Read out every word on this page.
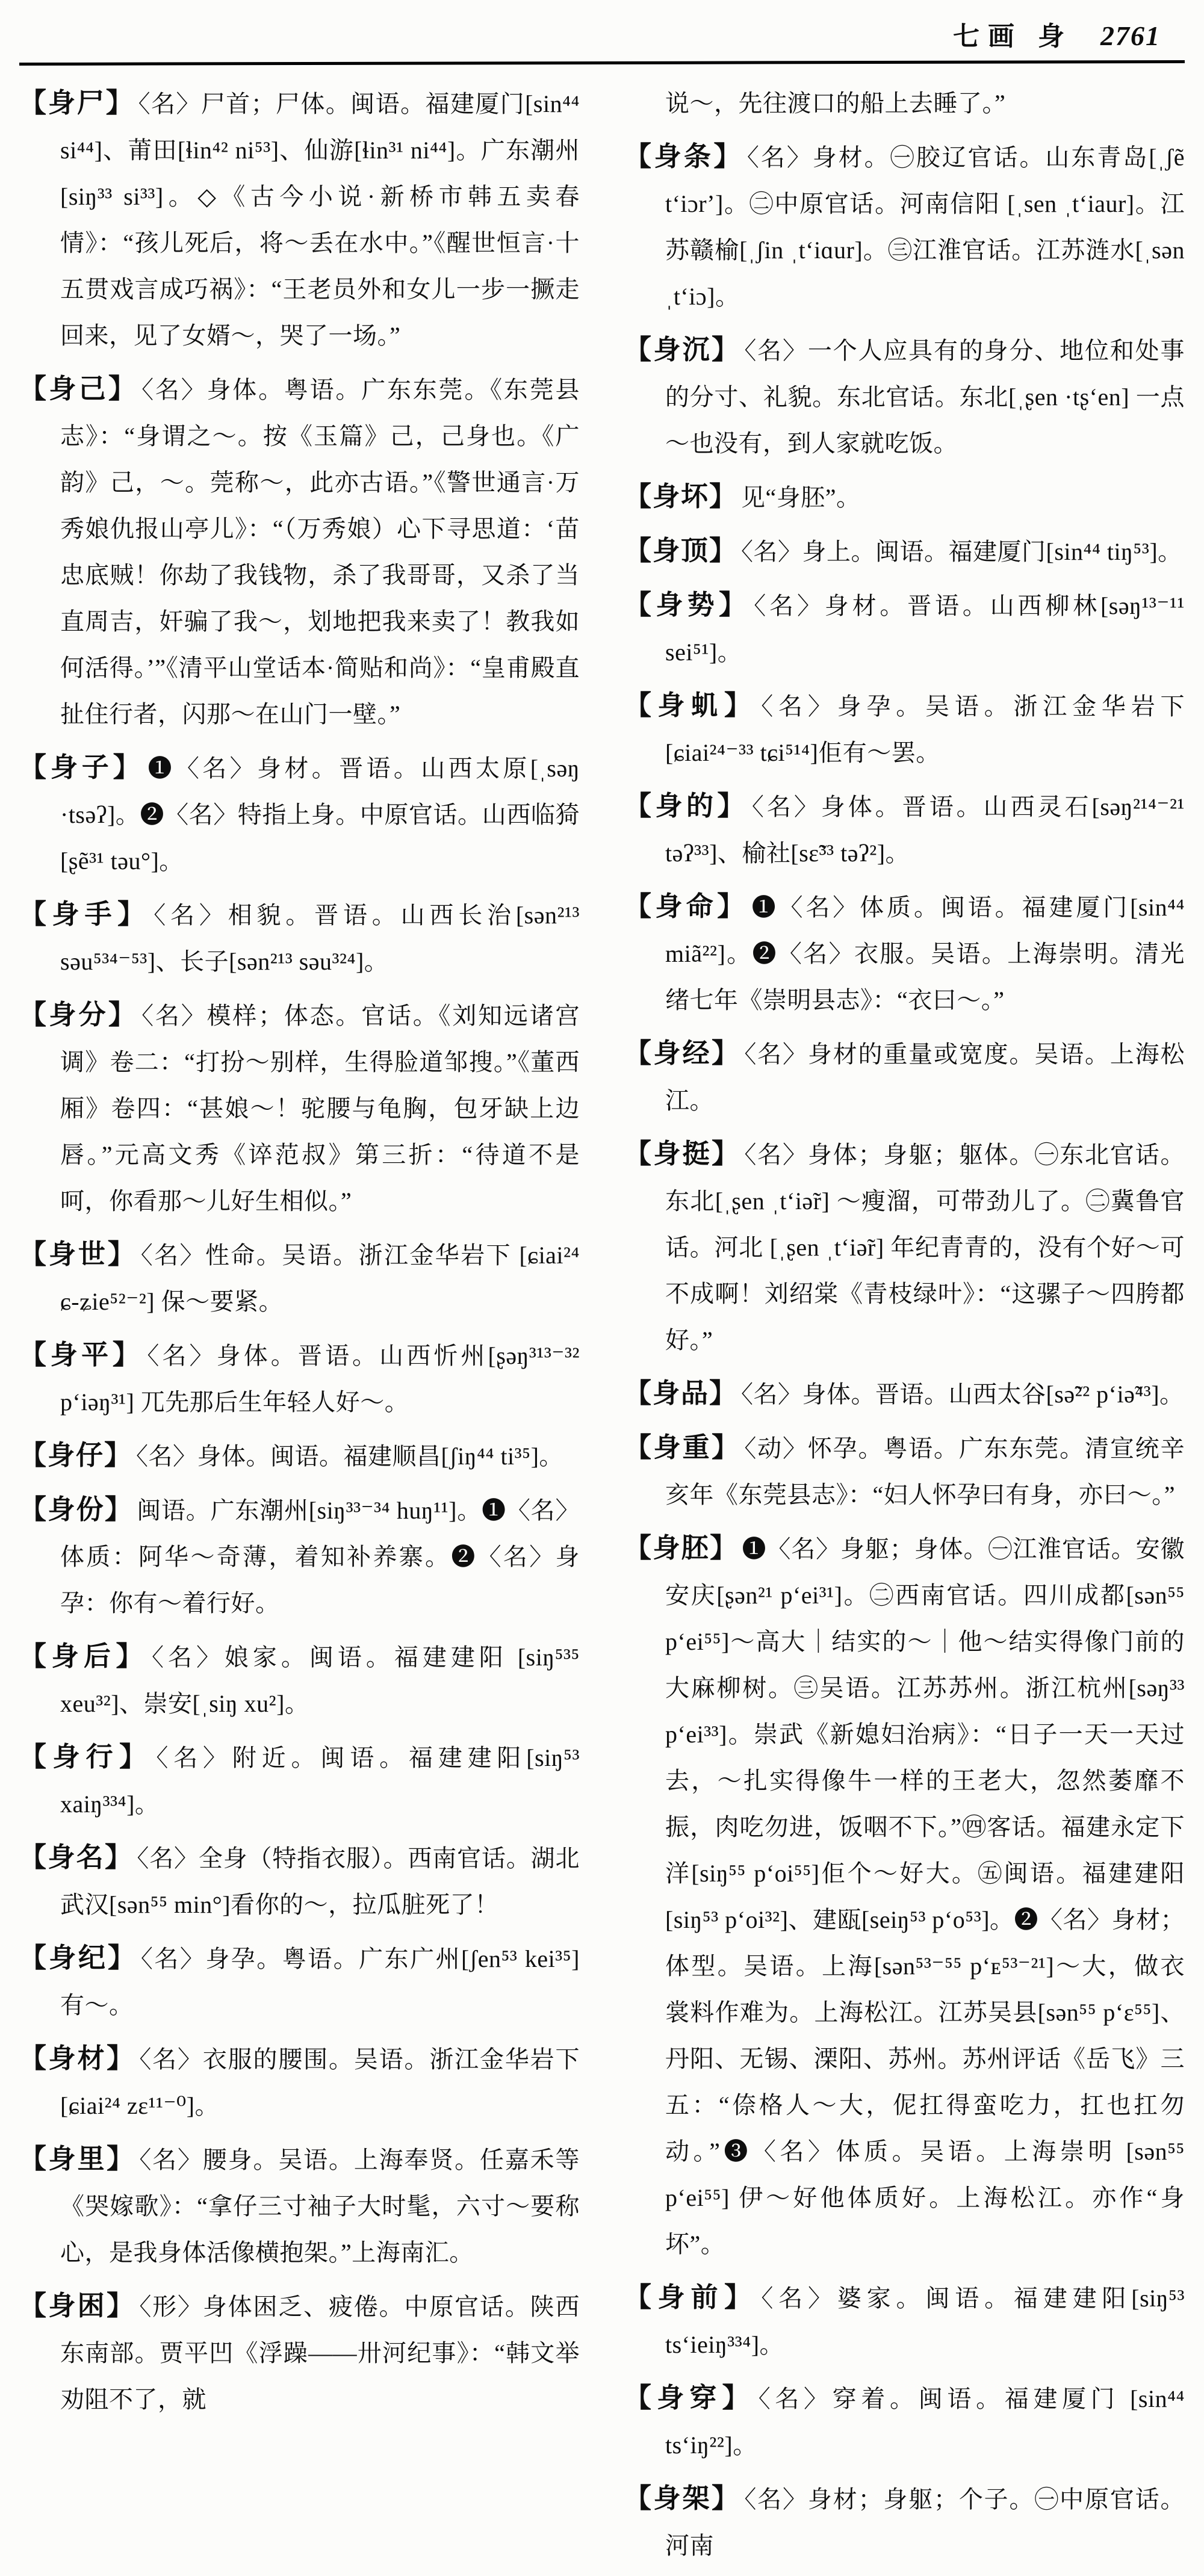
七画 身 2761
【身尸】 〈名〉尸首；尸体。闽语。福建厦门[sin⁴⁴ si⁴⁴]、莆田[ɬin⁴² ni⁵³]、仙游[ɬin³¹ ni⁴⁴]。广东潮州[siŋ³³ si³³]。◇《古今小说·新桥市韩五卖春情》：“孩儿死后，将～丢在水中。”《醒世恒言·十五贯戏言成巧祸》：“王老员外和女儿一步一撅走回来，见了女婿～，哭了一场。”
【身己】 〈名〉身体。粤语。广东东莞。《东莞县志》：“身谓之～。按《玉篇》己，己身也。《广韵》己，～。莞称～，此亦古语。”《警世通言·万秀娘仇报山亭儿》：“（万秀娘）心下寻思道：‘苗忠底贼！你劫了我钱物，杀了我哥哥，又杀了当直周吉，奸骗了我～，划地把我来卖了！教我如何活得。’”《清平山堂话本·简贴和尚》：“皇甫殿直扯住行者，闪那～在山门一壁。”
【身子】 ❶〈名〉身材。晋语。山西太原[ˌsəŋ ·tsəʔ]。❷〈名〉特指上身。中原官话。山西临猗[ʂẽ³¹ təu°]。
【身手】 〈名〉相貌。晋语。山西长治[sən²¹³ səu⁵³⁴⁻⁵³]、长子[sən²¹³ səu³²⁴]。
【身分】 〈名〉模样；体态。官话。《刘知远诸宫调》卷二：“打扮～别样，生得脸道邹搜。”《董西厢》卷四：“甚娘～！驼腰与龟胸，包牙缺上边唇。”元高文秀《谇范叔》第三折：“待道不是呵，你看那～儿好生相似。”
【身世】 〈名〉性命。吴语。浙江金华岩下 [ɕiai²⁴ ɕ-ʑie⁵²⁻²] 保～要紧。
【身平】 〈名〉身体。晋语。山西忻州[ʂəŋ³¹³⁻³² pʻiəŋ³¹] 兀先那后生年轻人好～。
【身仔】 〈名〉身体。闽语。福建顺昌[ʃiŋ⁴⁴ ti³⁵]。
【身份】 闽语。广东潮州[siŋ³³⁻³⁴ huŋ¹¹]。❶〈名〉体质：阿华～奇薄，着知补养寨。❷〈名〉身孕：你有～着行好。
【身后】 〈名〉娘家。闽语。福建建阳 [siŋ⁵³⁵ xeu³²]、崇安[ˌsiŋ xu²]。
【身行】 〈名〉附近。闽语。福建建阳[siŋ⁵³ xaiŋ³³⁴]。
【身名】 〈名〉全身（特指衣服）。西南官话。湖北武汉[sən⁵⁵ min°]看你的～，拉瓜脏死了！
【身纪】 〈名〉身孕。粤语。广东广州[ʃen⁵³ kei³⁵]有～。
【身材】 〈名〉衣服的腰围。吴语。浙江金华岩下[ɕiai²⁴ zɛ¹¹⁻⁰]。
【身里】 〈名〉腰身。吴语。上海奉贤。任嘉禾等《哭嫁歌》：“拿仔三寸袖子大时髦，六寸～要称心，是我身体活像横抱架。”上海南汇。
【身困】 〈形〉身体困乏、疲倦。中原官话。陕西东南部。贾平凹《浮躁——卅河纪事》：“韩文举劝阻不了，就
说～，先往渡口的船上去睡了。”
【身条】 〈名〉身材。㊀胶辽官话。山东青岛[ˌʃẽ tʻiɔrʼ]。㊁中原官话。河南信阳 [ˌsen ˌtʻiaur]。江苏赣榆[ˌʃin ˌtʻiɑur]。㊂江淮官话。江苏涟水[ˌsən ˌtʻiɔ]。
【身沉】 〈名〉一个人应具有的身分、地位和处事的分寸、礼貌。东北官话。东北[ˌʂen ·tʂʻen] 一点～也没有，到人家就吃饭。
【身坏】 见“身胚”。
【身顶】 〈名〉身上。闽语。福建厦门[sin⁴⁴ tiŋ⁵³]。
【身势】 〈名〉身材。晋语。山西柳林[səŋ¹³⁻¹¹ sei⁵¹]。
【身虮】 〈名〉身孕。吴语。浙江金华岩下 [ɕiai²⁴⁻³³ tɕi⁵¹⁴]佢有～罢。
【身的】 〈名〉身体。晋语。山西灵石[səŋ²¹⁴⁻²¹ təʔ³³]、榆社[sɛ̃³³ təʔ²]。
【身命】 ❶〈名〉体质。闽语。福建厦门[sin⁴⁴ miã²²]。❷〈名〉衣服。吴语。上海崇明。清光绪七年《崇明县志》：“衣曰～。”
【身经】 〈名〉身材的重量或宽度。吴语。上海松江。
【身挺】 〈名〉身体；身躯；躯体。㊀东北官话。东北[ˌʂen ˌtʻiə̃r] ～瘦溜，可带劲儿了。㊁冀鲁官话。河北 [ˌʂen ˌtʻiə̃r] 年纪青青的，没有个好～可不成啊！刘绍棠《青枝绿叶》：“这骡子～四胯都好。”
【身品】 〈名〉身体。晋语。山西太谷[sə̃²² pʻiə̃⁴³]。
【身重】 〈动〉怀孕。粤语。广东东莞。清宣统辛亥年《东莞县志》：“妇人怀孕曰有身，亦曰～。”
【身胚】 ❶〈名〉身躯；身体。㊀江淮官话。安徽安庆[ʂən²¹ pʻei³¹]。㊁西南官话。四川成都[sən⁵⁵ pʻei⁵⁵]～高大｜结实的～｜他～结实得像门前的大麻柳树。㊂吴语。江苏苏州。浙江杭州[səŋ³³ pʻei³³]。崇武《新媳妇治病》：“日子一天一天过去，～扎实得像牛一样的王老大，忽然萎靡不振，肉吃勿进，饭咽不下。”㊃客话。福建永定下洋[siŋ⁵⁵ pʻoi⁵⁵]佢个～好大。㊄闽语。福建建阳[siŋ⁵³ pʻoi³²]、建瓯[seiŋ⁵³ pʻo⁵³]。❷〈名〉身材；体型。吴语。上海[sən⁵³⁻⁵⁵ pʻᴇ⁵³⁻²¹]～大，做衣裳料作难为。上海松江。江苏吴县[sən⁵⁵ pʻɛ⁵⁵]、丹阳、无锡、溧阳、苏州。苏州评话《岳飞》三五：“倷格人～大，伲扛得蛮吃力，扛也扛勿动。”❸〈名〉体质。吴语。上海崇明 [sən⁵⁵ pʻei⁵⁵] 伊～好他体质好。上海松江。亦作“身坏”。
【身前】 〈名〉婆家。闽语。福建建阳[siŋ⁵³ tsʻieiŋ³³⁴]。
【身穿】 〈名〉穿着。闽语。福建厦门 [sin⁴⁴ tsʻiŋ²²]。
【身架】 〈名〉身材；身躯；个子。㊀中原官话。河南
